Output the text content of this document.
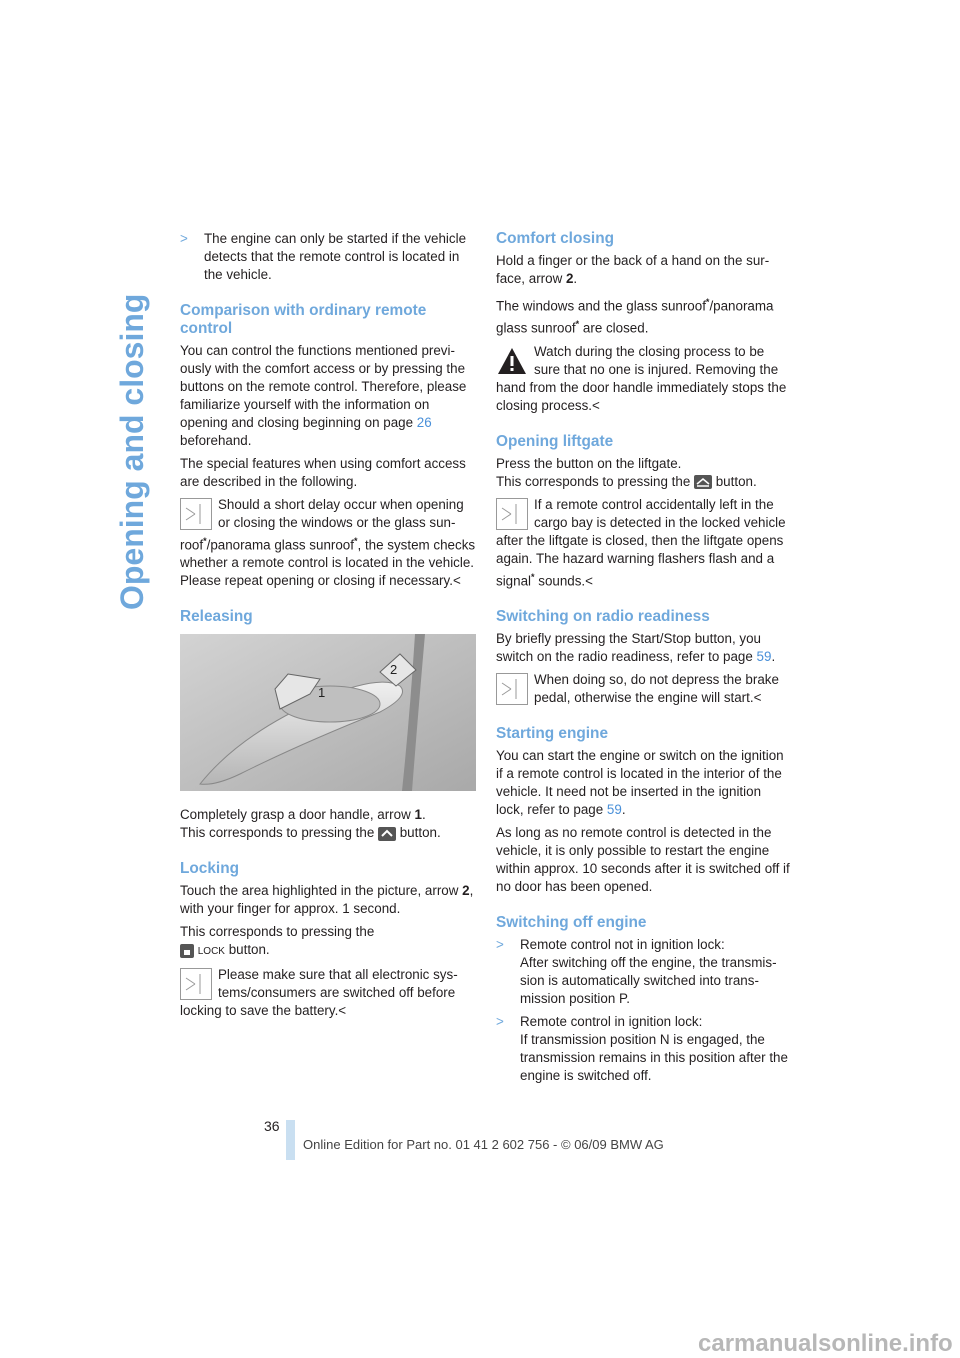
Opening and closing
> The engine can only be started if the vehicle detects that the remote control is located in the vehicle.
Comparison with ordinary remote control

You can control the functions mentioned previously with the comfort access or by pressing the buttons on the remote control. Therefore, please familiarize yourself with the information on opening and closing beginning on page 26 beforehand.

The special features when using comfort access are described in the following.

Should a short delay occur when opening or closing the windows or the glass sunroof*/panorama glass sunroof*, the system checks whether a remote control is located in the vehicle. Please repeat opening or closing if necessary.<
Releasing
1
2

Completely grasp a door handle, arrow 1.
This corresponds to pressing the button.

Locking

Touch the area highlighted in the picture, arrow 2, with your finger for approx. 1 second.

This corresponds to pressing the
LOCK button.

Please make sure that all electronic systems/consumers are switched off before locking to save the battery.<
Comfort closing

Hold a finger or the back of a hand on the surface, arrow 2.

The windows and the glass sunroof*/panorama glass sunroof* are closed.

Watch during the closing process to be sure that no one is injured. Removing the hand from the door handle immediately stops the closing process.<
Opening liftgate

Press the button on the liftgate.
This corresponds to pressing the button.

If a remote control accidentally left in the cargo bay is detected in the locked vehicle after the liftgate is closed, then the liftgate opens again. The hazard warning flashers flash and a signal* sounds.<
Switching on radio readiness

By briefly pressing the Start/Stop button, you switch on the radio readiness, refer to page 59.

When doing so, do not depress the brake pedal, otherwise the engine will start.<
Starting engine

You can start the engine or switch on the ignition if a remote control is located in the interior of the vehicle. It need not be inserted in the ignition lock, refer to page 59.

As long as no remote control is detected in the vehicle, it is only possible to restart the engine within approx. 10 seconds after it is switched off if no door has been opened.

Switching off engine
> Remote control not in ignition lock:
After switching off the engine, the transmission is automatically switched into transmission position P.
> Remote control in ignition lock:
If transmission position N is engaged, the transmission remains in this position after the engine is switched off.
36
Online Edition for Part no. 01 41 2 602 756 - © 06/09 BMW AG
carmanualsonline.info
